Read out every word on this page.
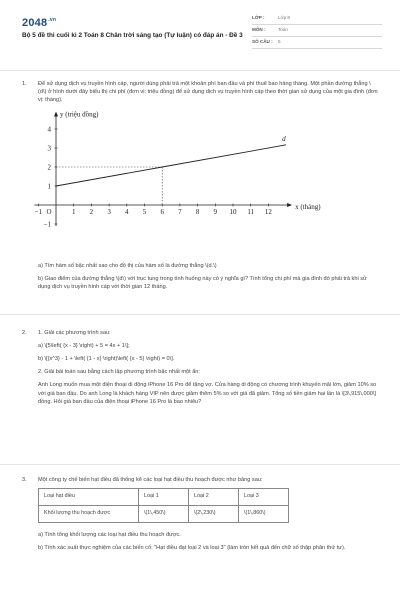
$2048^{.vn}$
Bộ 5 đề thi cuối kì 2 Toán 8 Chân trời sáng tạo (Tự luận) có đáp án - Đề 3
LỚP :	Lớp 8
MÔN :	Toán
SỐ CÂU :	5
1. Để sử dụng dịch vụ truyền hình cáp, người dùng phải trả một khoản phí ban đầu và phí thuê bao hàng tháng. Một phần đường thẳng \(d\) ở hình dưới đây biểu thị chi phí (đơn vị: triệu đồng) để sử dụng dịch vụ truyền hình cáp theo thời gian sử dụng của một gia đình (đơn vị: tháng).
y (triệu đồng)
x (tháng)
−1	1 2 3 4 5 6 7 8 9 10 11 12
O
4
3
2
1
−1
d
a) Tìm hàm số bậc nhất sao cho đồ thị của hàm số là đường thẳng \(d.\)
b) Giao điểm của đường thẳng \(d\) với trục tung trong tình huống này có ý nghĩa gì? Tính tổng chi phí mà gia đình đó phải trả khi sử dụng dịch vụ truyền hình cáp với thời gian 12 tháng.
2. 1. Giải các phương trình sau:
a) \[5\left( {x - 3} \right) + 5 = 4x + 1\];
b) \[{x^3} - 1 + \left( {1 - x} \right)\left( {x - 5} \right) = 0\].
2. Giải bài toán sau bằng cách lập phương trình bậc nhất một ẩn:
Anh Long muốn mua một điện thoại di động iPhone 16 Pro để tặng vợ. Cửa hàng di động có chương trình khuyến mãi lớn, giảm 10% so với giá ban đầu. Do anh Long là khách hàng VIP nên được giảm thêm 5% so với giá đã giảm. Tổng số tiền giảm hai lần là \[3\,915\,000\] đồng. Hỏi giá ban đầu của điện thoại iPhone 16 Pro là bao nhiêu?
3. Một công ty chế biến hạt điều đã thống kê các loại hạt điều thu hoạch được như bảng sau:
Loại hạt điều	Loại 1	Loại 2	Loại 3
Khối lượng thu hoạch được	\(1\,450\)	\(2\,230\)	\(1\,860\)
a) Tính tổng khối lượng các loại hạt điều thu hoạch được.
b) Tính xác suất thực nghiệm của các biến cố: "Hạt điều đạt loại 2 và loại 3" (làm tròn kết quả đến chữ số thập phân thứ tư).
